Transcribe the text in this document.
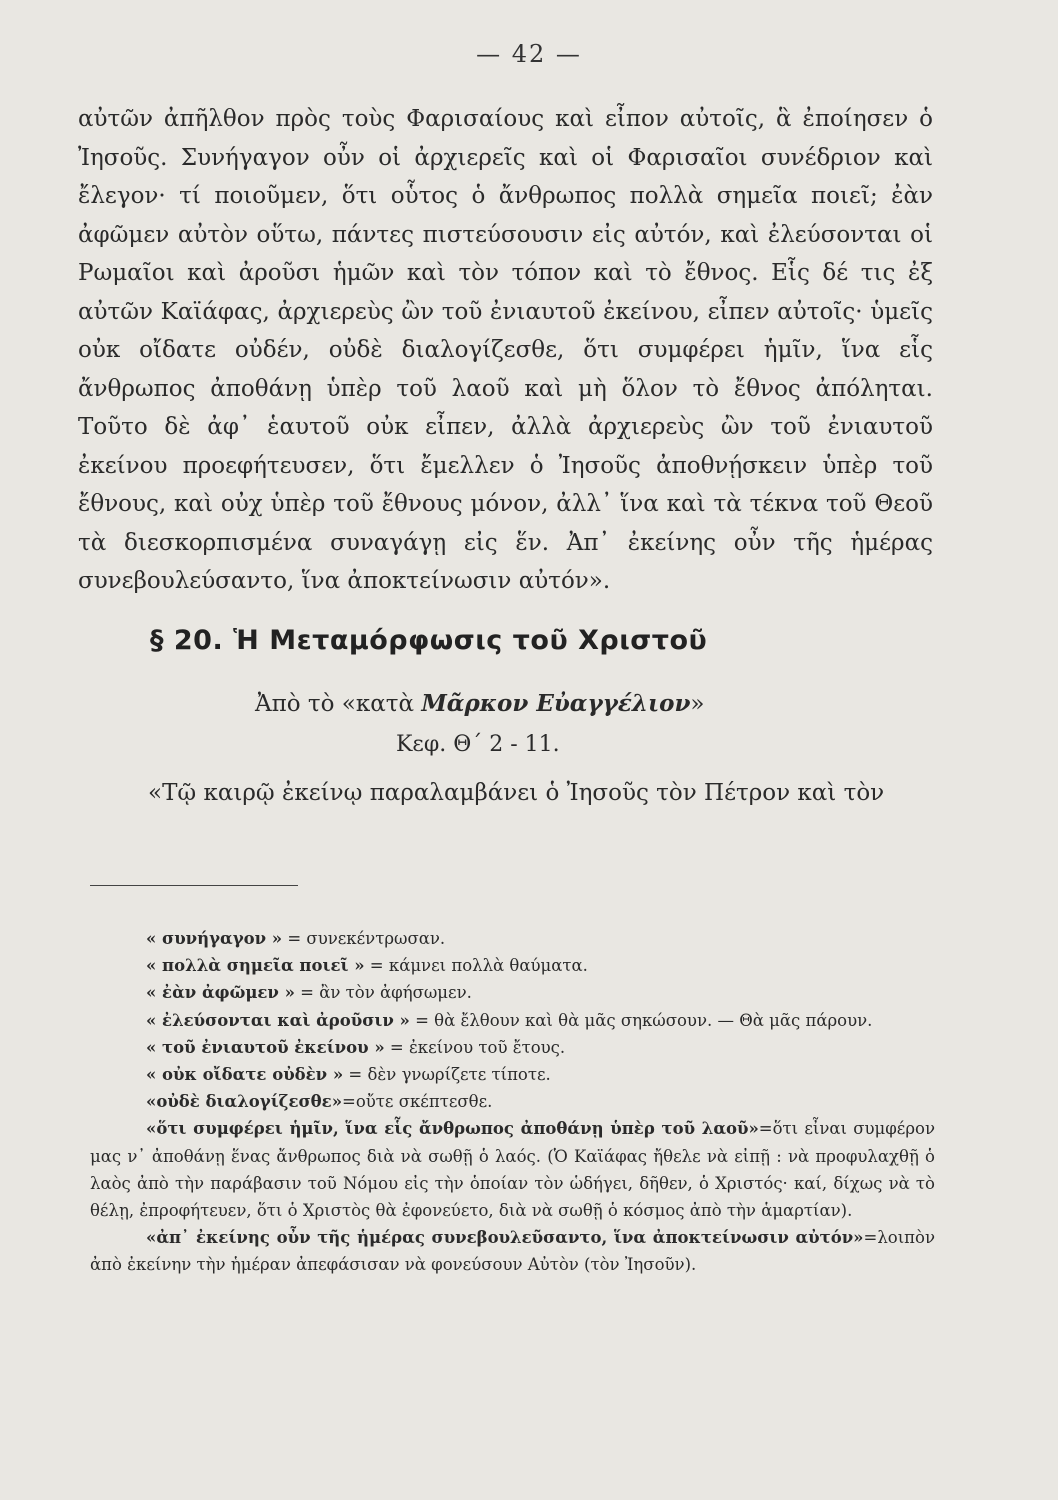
— 42 —

αὐτῶν ἀπῆλθον πρὸς τοὺς Φαρισαίους καὶ εἶπον αὐτοῖς, ἃ ἐποίησεν ὁ Ἰησοῦς. Συνήγαγον οὖν οἱ ἀρχιερεῖς καὶ οἱ Φαρισαῖοι συνέδριον καὶ ἔλεγον· τί ποιοῦμεν, ὅτι οὗτος ὁ ἄνθρωπος πολλὰ σημεῖα ποιεῖ; ἐὰν ἀφῶμεν αὐτὸν οὕτω, πάντες πιστεύσουσιν εἰς αὐτόν, καὶ ἐλεύσονται οἱ Ρωμαῖοι καὶ ἀροῦσι ἡμῶν καὶ τὸν τόπον καὶ τὸ ἔθνος. Εἷς δέ τις ἐξ αὐτῶν Καϊάφας, ἀρχιερεὺς ὢν τοῦ ἐνιαυτοῦ ἐκείνου, εἶπεν αὐτοῖς· ὑμεῖς οὐκ οἴδατε οὐδέν, οὐδὲ διαλογίζεσθε, ὅτι συμφέρει ἡμῖν, ἵνα εἷς ἄνθρωπος ἀποθάνῃ ὑπὲρ τοῦ λαοῦ καὶ μὴ ὅλον τὸ ἔθνος ἀπόληται. Τοῦτο δὲ ἀφ᾿ ἑαυτοῦ οὐκ εἶπεν, ἀλλὰ ἀρχιερεὺς ὢν τοῦ ἐνιαυτοῦ ἐκείνου προεφήτευσεν, ὅτι ἔμελλεν ὁ Ἰησοῦς ἀποθνῄσκειν ὑπὲρ τοῦ ἔθνους, καὶ οὐχ ὑπὲρ τοῦ ἔθνους μόνον, ἀλλ᾿ ἵνα καὶ τὰ τέκνα τοῦ Θεοῦ τὰ διεσκορπισμένα συναγάγῃ εἰς ἕν. Ἀπ᾿ ἐκείνης οὖν τῆς ἡμέρας συνεβουλεύσαντο, ἵνα ἀποκτείνωσιν αὐτόν».

§ 20. Ἡ Μεταμόρφωσις τοῦ Χριστοῦ
Ἀπὸ τὸ «κατὰ Μᾶρκον Εὐαγγέλιον»
Κεφ. Θ´ 2 - 11.
«Τῷ καιρῷ ἐκείνῳ παραλαμβάνει ὁ Ἰησοῦς τὸν Πέτρον καὶ τὸν

« συνήγαγον » = συνεκέντρωσαν.

« πολλὰ σημεῖα ποιεῖ » = κάμνει πολλὰ θαύματα.

« ἐὰν ἀφῶμεν » = ἂν τὸν ἀφήσωμεν.

« ἐλεύσονται καὶ ἀροῦσιν » = θὰ ἔλθουν καὶ θὰ μᾶς σηκώσουν. — Θὰ μᾶς πάρουν.

« τοῦ ἐνιαυτοῦ ἐκείνου » = ἐκείνου τοῦ ἔτους.

« οὐκ οἴδατε οὐδὲν » = δὲν γνωρίζετε τίποτε.

«οὐδὲ διαλογίζεσθε»=οὔτε σκέπτεσθε.

«ὅτι συμφέρει ἡμῖν, ἵνα εἷς ἄνθρωπος ἀποθάνῃ ὑπὲρ τοῦ λαοῦ»=ὅτι εἶναι συμφέρον μας ν᾿ ἀποθάνῃ ἕνας ἄνθρωπος διὰ νὰ σωθῇ ὁ λαός. (Ὁ Καϊάφας ἤθελε νὰ εἰπῇ : νὰ προφυλαχθῇ ὁ λαὸς ἀπὸ τὴν παράβασιν τοῦ Νόμου εἰς τὴν ὁποίαν τὸν ὡδήγει, δῆθεν, ὁ Χριστός· καί, δίχως νὰ τὸ θέλῃ, ἐπροφήτευεν, ὅτι ὁ Χριστὸς θὰ ἐφονεύετο, διὰ νὰ σωθῇ ὁ κόσμος ἀπὸ τὴν ἁμαρτίαν).

«ἀπ᾿ ἐκείνης οὖν τῆς ἡμέρας συνεβουλεῦσαντο, ἵνα ἀποκτείνωσιν αὐτόν»=λοιπὸν ἀπὸ ἐκείνην τὴν ἡμέραν ἀπεφάσισαν νὰ φονεύσουν Αὐτὸν (τὸν Ἰησοῦν).
